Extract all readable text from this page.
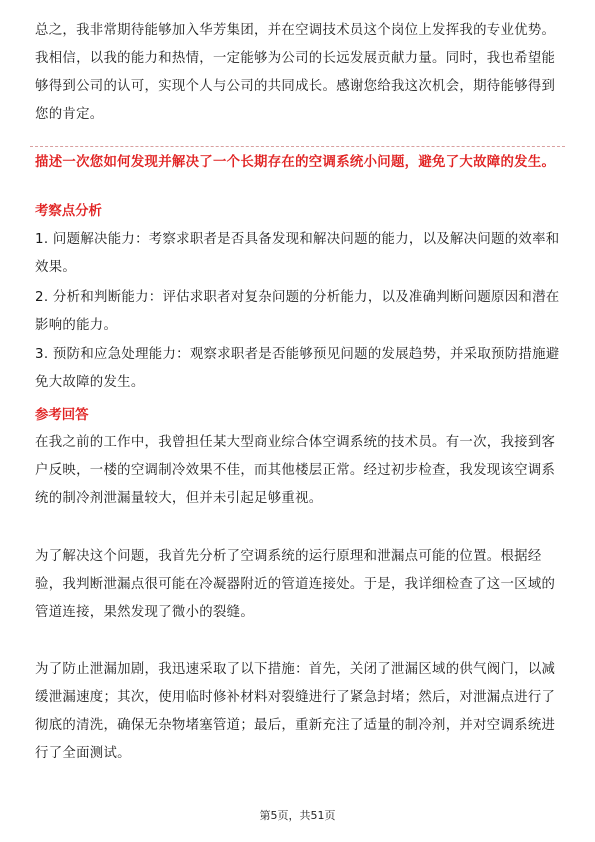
总之，我非常期待能够加入华芳集团，并在空调技术员这个岗位上发挥我的专业优势。我相信，以我的能力和热情，一定能够为公司的长远发展贡献力量。同时，我也希望能够得到公司的认可，实现个人与公司的共同成长。感谢您给我这次机会，期待能够得到您的肯定。

描述一次您如何发现并解决了一个长期存在的空调系统小问题，避免了大故障的发生。

考察点分析

1. 问题解决能力：考察求职者是否具备发现和解决问题的能力，以及解决问题的效率和效果。

2. 分析和判断能力：评估求职者对复杂问题的分析能力，以及准确判断问题原因和潜在影响的能力。

3. 预防和应急处理能力：观察求职者是否能够预见问题的发展趋势，并采取预防措施避免大故障的发生。

参考回答

在我之前的工作中，我曾担任某大型商业综合体空调系统的技术员。有一次，我接到客户反映，一楼的空调制冷效果不佳，而其他楼层正常。经过初步检查，我发现该空调系统的制冷剂泄漏量较大，但并未引起足够重视。

为了解决这个问题，我首先分析了空调系统的运行原理和泄漏点可能的位置。根据经验，我判断泄漏点很可能在冷凝器附近的管道连接处。于是，我详细检查了这一区域的管道连接，果然发现了微小的裂缝。

为了防止泄漏加剧，我迅速采取了以下措施：首先，关闭了泄漏区域的供气阀门，以减缓泄漏速度；其次，使用临时修补材料对裂缝进行了紧急封堵；然后，对泄漏点进行了彻底的清洗，确保无杂物堵塞管道；最后，重新充注了适量的制冷剂，并对空调系统进行了全面测试。

第5页，共51页
